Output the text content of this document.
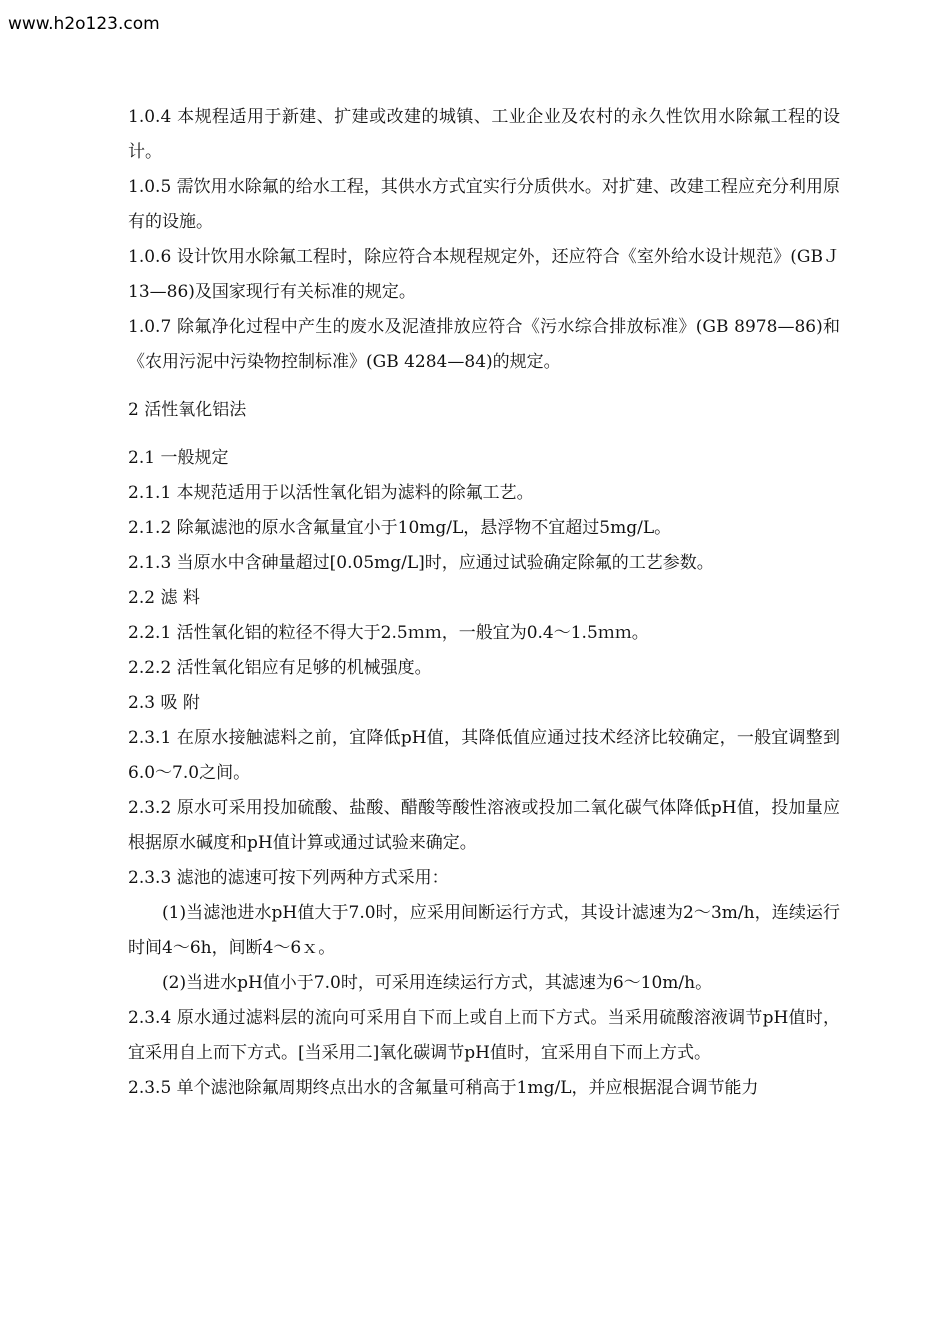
www.h2o123.com

1.0.4 本规程适用于新建、扩建或改建的城镇、工业企业及农村的永久性饮用水除氟工程的设计。

1.0.5 需饮用水除氟的给水工程，其供水方式宜实行分质供水。对扩建、改建工程应充分利用原有的设施。

1.0.6 设计饮用水除氟工程时，除应符合本规程规定外，还应符合《室外给水设计规范》(GBＪ13—86)及国家现行有关标准的规定。

1.0.7 除氟净化过程中产生的废水及泥渣排放应符合《污水综合排放标准》(GB 8978—86)和《农用污泥中污染物控制标准》(GB 4284—84)的规定。

2 活性氧化铝法

2.1 一般规定

2.1.1 本规范适用于以活性氧化铝为滤料的除氟工艺。

2.1.2 除氟滤池的原水含氟量宜小于10mg/L，悬浮物不宜超过5mg/L。

2.1.3 当原水中含砷量超过[0.05mg/L]时，应通过试验确定除氟的工艺参数。

2.2 滤 料

2.2.1 活性氧化铝的粒径不得大于2.5ｍｍ，一般宜为0.4～1.5ｍｍ。

2.2.2 活性氧化铝应有足够的机械强度。

2.3 吸 附

2.3.1 在原水接触滤料之前，宜降低pH值，其降低值应通过技术经济比较确定，一般宜调整到6.0～7.0之间。

2.3.2 原水可采用投加硫酸、盐酸、醋酸等酸性溶液或投加二氧化碳气体降低pH值，投加量应根据原水碱度和pH值计算或通过试验来确定。

2.3.3 滤池的滤速可按下列两种方式采用：

(1)当滤池进水pH值大于7.0时，应采用间断运行方式，其设计滤速为2～3m/h，连续运行时间4～6h，间断4～6ｘ。

(2)当进水pH值小于7.0时，可采用连续运行方式，其滤速为6～10m/h。

2.3.4 原水通过滤料层的流向可采用自下而上或自上而下方式。当采用硫酸溶液调节pH值时，宜采用自上而下方式。[当采用二]氧化碳调节pH值时，宜采用自下而上方式。

2.3.5 单个滤池除氟周期终点出水的含氟量可稍高于1mg/L，并应根据混合调节能力
